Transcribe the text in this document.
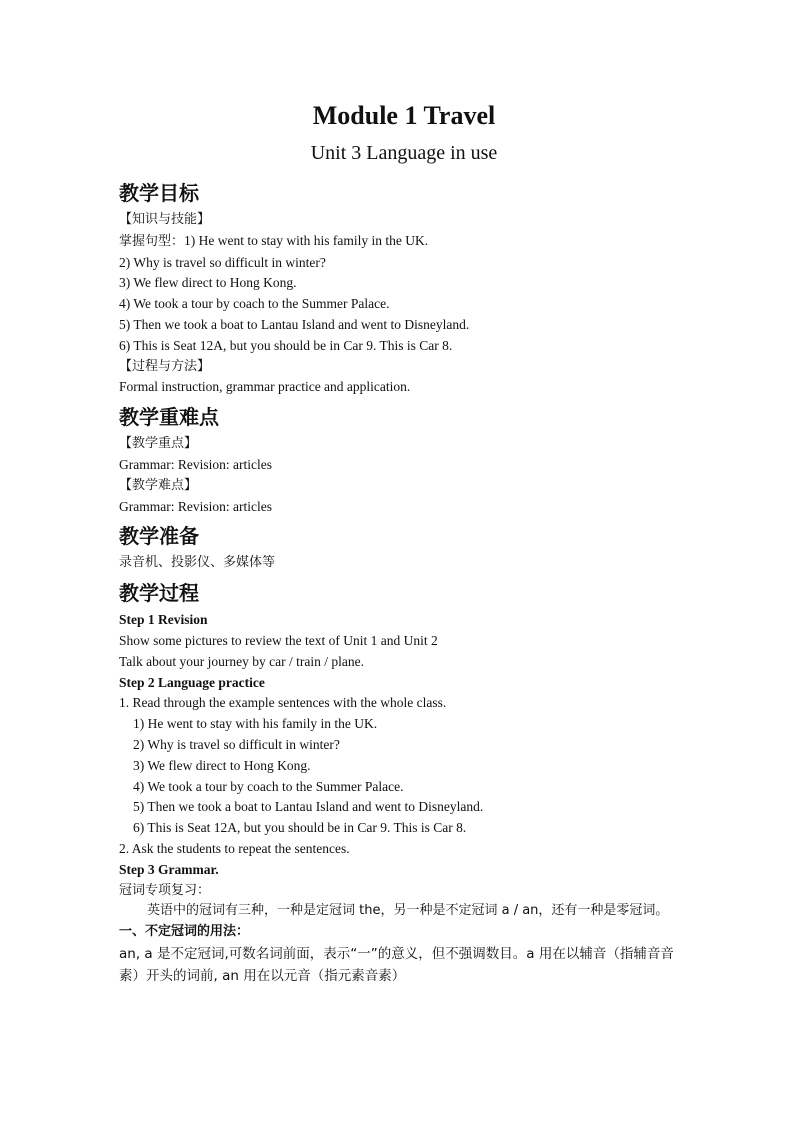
Module 1 Travel
Unit 3 Language in use
教学目标
【知识与技能】
掌握句型：1) He went to stay with his family in the UK.
2) Why is travel so difficult in winter?
3) We flew direct to Hong Kong.
4) We took a tour by coach to the Summer Palace.
5) Then we took a boat to Lantau Island and went to Disneyland.
6) This is Seat 12A, but you should be in Car 9. This is Car 8.
【过程与方法】
Formal instruction, grammar practice and application.
教学重难点
【教学重点】
Grammar: Revision: articles
【教学难点】
Grammar: Revision: articles
教学准备
录音机、投影仪、多媒体等
教学过程
Step 1 Revision
Show some pictures to review the text of Unit 1 and Unit 2
Talk about your journey by car / train / plane.
Step 2 Language practice
1. Read through the example sentences with the whole class.
1) He went to stay with his family in the UK.
2) Why is travel so difficult in winter?
3) We flew direct to Hong Kong.
4) We took a tour by coach to the Summer Palace.
5) Then we took a boat to Lantau Island and went to Disneyland.
6) This is Seat 12A, but you should be in Car 9. This is Car 8.
2. Ask the students to repeat the sentences.
Step 3 Grammar.
冠词专项复习：
英语中的冠词有三种，一种是定冠词 the，另一种是不定冠词 a / an，还有一种是零冠词。
一、不定冠词的用法：
an, a 是不定冠词,可数名词前面，表示“一”的意义，但不强调数目。a 用在以辅音（指辅音音素）开头的词前, an 用在以元音（指元素音素）
